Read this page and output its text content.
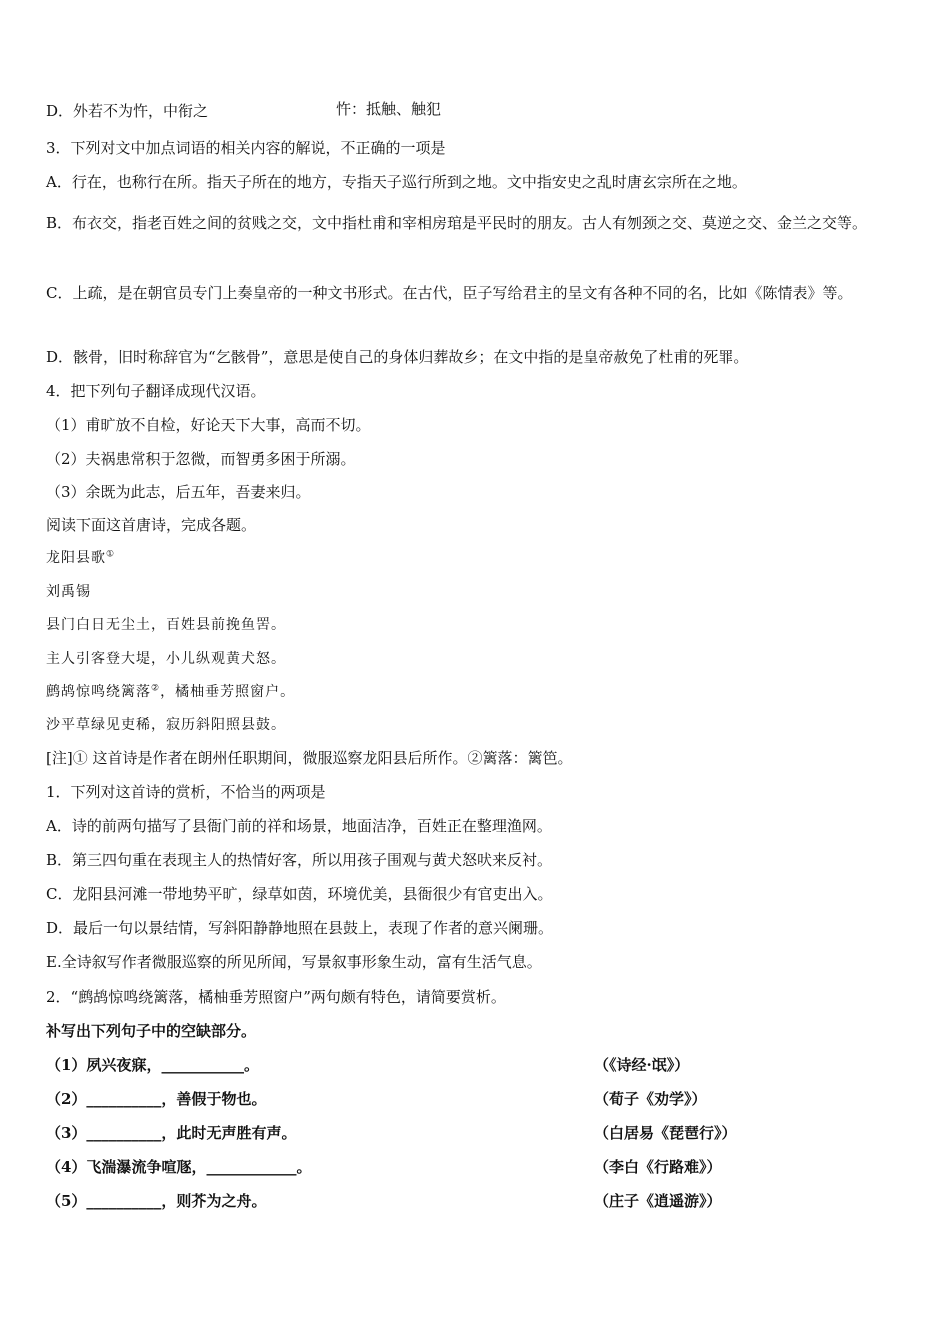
D．外若不为忤，中衔之	忤：抵触、触犯
3．下列对文中加点词语的相关内容的解说，不正确的一项是
A．行在，也称行在所。指天子所在的地方，专指天子巡行所到之地。文中指安史之乱时唐玄宗所在之地。
B．布衣交，指老百姓之间的贫贱之交，文中指杜甫和宰相房琯是平民时的朋友。古人有刎颈之交、莫逆之交、金兰之交等。
C．上疏，是在朝官员专门上奏皇帝的一种文书形式。在古代，臣子写给君主的呈文有各种不同的名，比如《陈情表》等。
D．骸骨，旧时称辞官为“乞骸骨”，意思是使自己的身体归葬故乡；在文中指的是皇帝赦免了杜甫的死罪。
4．把下列句子翻译成现代汉语。
（1）甫旷放不自检，好论天下大事，高而不切。
（2）夫祸患常积于忽微，而智勇多困于所溺。
（3）余既为此志，后五年，吾妻来归。
阅读下面这首唐诗，完成各题。
龙阳县歌①
刘禹锡
县门白日无尘土，百姓县前挽鱼罟。
主人引客登大堤，小儿纵观黄犬怒。
鹧鸪惊鸣绕篱落②，橘柚垂芳照窗户。
沙平草绿见吏稀，寂历斜阳照县鼓。
[注]① 这首诗是作者在朗州任职期间，微服巡察龙阳县后所作。②篱落：篱笆。
1．下列对这首诗的赏析，不恰当的两项是
A．诗的前两句描写了县衙门前的祥和场景，地面洁净，百姓正在整理渔网。
B．第三四句重在表现主人的热情好客，所以用孩子围观与黄犬怒吠来反衬。
C．龙阳县河滩一带地势平旷，绿草如茵，环境优美，县衙很少有官吏出入。
D．最后一句以景结情，写斜阳静静地照在县鼓上，表现了作者的意兴阑珊。
E.全诗叙写作者微服巡察的所见所闻，写景叙事形象生动，富有生活气息。
2．“鹧鸪惊鸣绕篱落，橘柚垂芳照窗户”两句颇有特色，请简要赏析。
补写出下列句子中的空缺部分。
（1）夙兴夜寐，___________。	（《诗经·氓》）
（2）__________，善假于物也。	（荀子《劝学》）
（3）__________，此时无声胜有声。	（白居易《琵琶行》）
（4）飞湍瀑流争喧豗，____________。	（李白《行路难》）
（5）__________，则芥为之舟。	（庄子《逍遥游》）
